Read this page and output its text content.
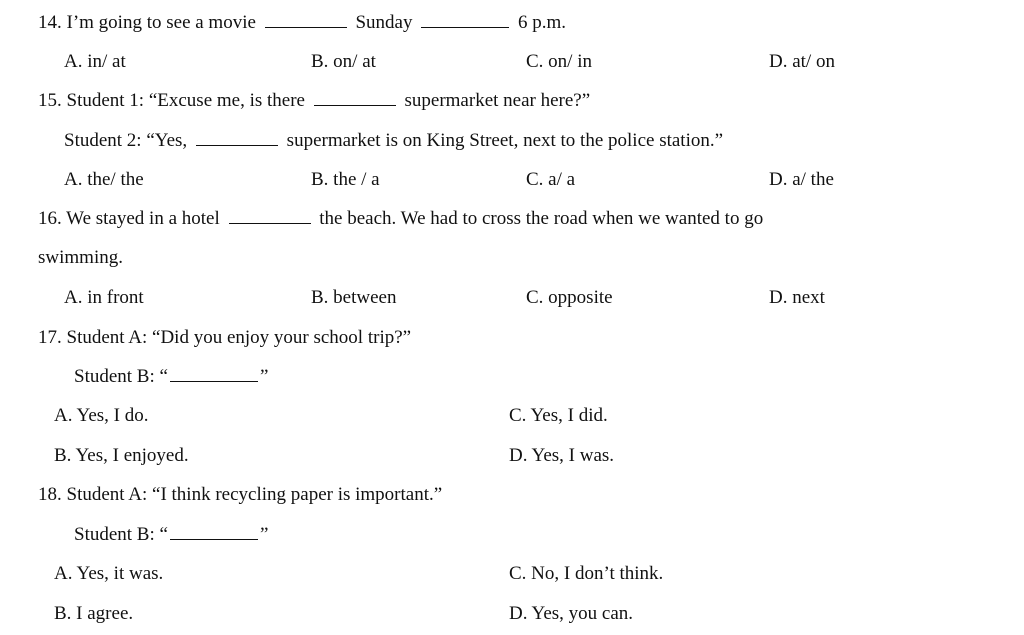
14. I’m going to see a movie	Sunday	6 p.m.
A. in/ at	B. on/ at	C. on/ in	D. at/ on
15. Student 1: “Excuse me, is there	supermarket near here?”
Student 2: “Yes,	supermarket is on King Street, next to the police station.”
A. the/ the	B. the / a	C. a/ a	D. a/ the
16. We stayed in a hotel	the beach. We had to cross the road when we wanted to go
swimming.
A. in front	B. between	C. opposite	D. next
17. Student A: “Did you enjoy your school trip?”
Student B: “	”
A. Yes, I do.	C. Yes, I did.
B. Yes, I enjoyed.	D. Yes, I was.
18. Student A: “I think recycling paper is important.”
Student B: “	”
A. Yes, it was.	C. No, I don’t think.
B. I agree.	D. Yes, you can.
